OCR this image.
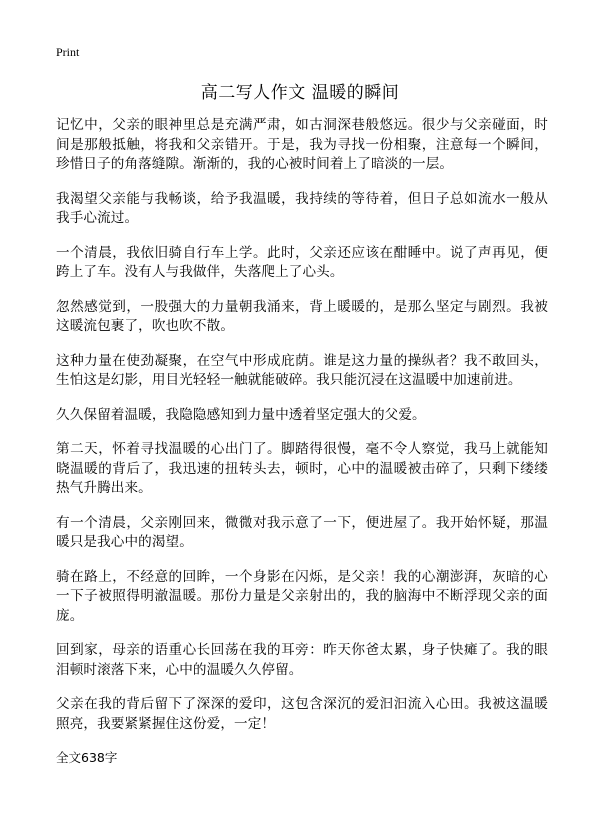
Print
高二写人作文 温暖的瞬间

记忆中，父亲的眼神里总是充满严肃，如古洞深巷般悠远。很少与父亲碰面，时间是那般抵触，将我和父亲错开。于是，我为寻找一份相聚，注意每一个瞬间，珍惜日子的角落缝隙。渐渐的，我的心被时间着上了暗淡的一层。

我渴望父亲能与我畅谈，给予我温暖，我持续的等待着，但日子总如流水一般从我手心流过。

一个清晨，我依旧骑自行车上学。此时，父亲还应该在酣睡中。说了声再见，便跨上了车。没有人与我做伴，失落爬上了心头。

忽然感觉到，一股强大的力量朝我涌来，背上暖暖的，是那么坚定与剧烈。我被这暖流包裹了，吹也吹不散。

这种力量在使劲凝聚，在空气中形成庇荫。谁是这力量的操纵者？我不敢回头，生怕这是幻影，用目光轻轻一触就能破碎。我只能沉浸在这温暖中加速前进。

久久保留着温暖，我隐隐感知到力量中透着坚定强大的父爱。

第二天，怀着寻找温暖的心出门了。脚踏得很慢，毫不令人察觉，我马上就能知晓温暖的背后了，我迅速的扭转头去，顿时，心中的温暖被击碎了，只剩下缕缕热气升腾出来。

有一个清晨，父亲刚回来，微微对我示意了一下，便进屋了。我开始怀疑，那温暖只是我心中的渴望。

骑在路上，不经意的回眸，一个身影在闪烁，是父亲！我的心潮澎湃，灰暗的心一下子被照得明澈温暖。那份力量是父亲射出的，我的脑海中不断浮现父亲的面庞。

回到家，母亲的语重心长回荡在我的耳旁：昨天你爸太累，身子快瘫了。我的眼泪顿时滚落下来，心中的温暖久久停留。

父亲在我的背后留下了深深的爱印，这包含深沉的爱汩汩流入心田。我被这温暖照亮，我要紧紧握住这份爱，一定！

全文638字
